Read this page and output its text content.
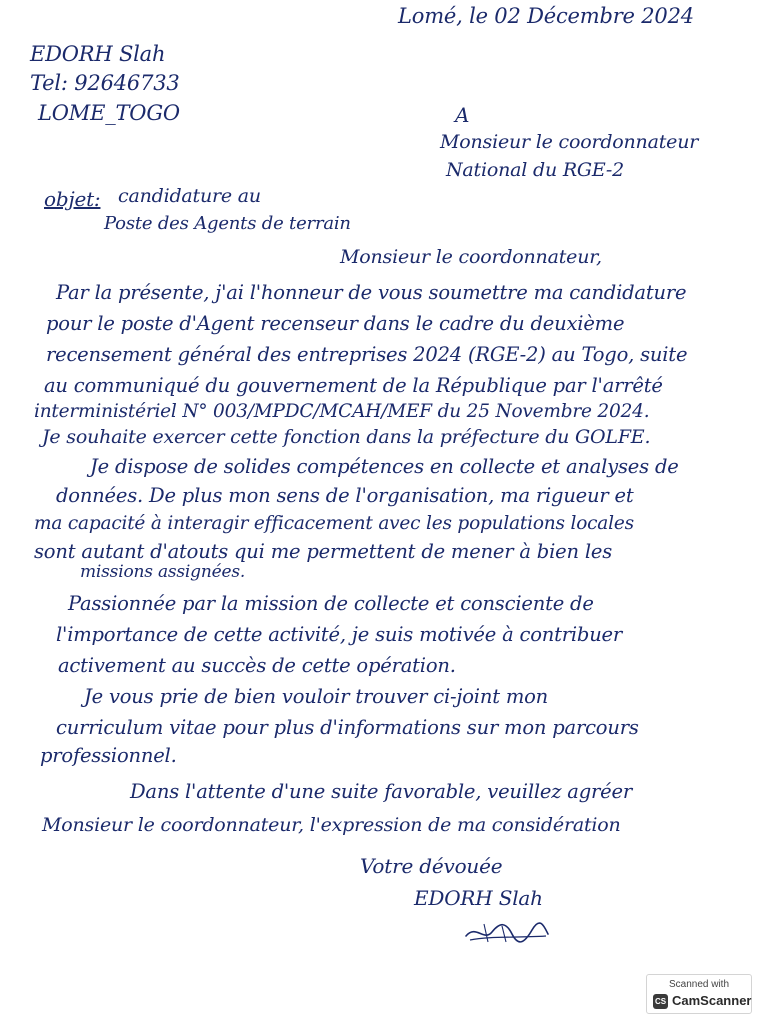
Lomé, le 02 Décembre 2024
EDORH Slah
Tel: 92646733
LOME_TOGO	A
Monsieur le coordonnateur
National du RGE-2
objet: candidature au
Poste des Agents de terrain
Monsieur le coordonnateur,
Par la présente, j'ai l'honneur de vous soumettre ma candidature
pour le poste d'Agent recenseur dans le cadre du deuxième
recensement général des entreprises 2024 (RGE-2) au Togo, suite
au communiqué du gouvernement de la République par l'arrêté
interministériel N° 003/MPDC/MCAH/MEF du 25 Novembre 2024.
Je souhaite exercer cette fonction dans la préfecture du GOLFE.
Je dispose de solides compétences en collecte et analyses de
données. De plus mon sens de l'organisation, ma rigueur et
ma capacité à interagir efficacement avec les populations locales
sont autant d'atouts qui me permettent de mener à bien les
missions assignées.
Passionnée par la mission de collecte et consciente de
l'importance de cette activité, je suis motivée à contribuer
activement au succès de cette opération.
Je vous prie de bien vouloir trouver ci-joint mon
curriculum vitae pour plus d'informations sur mon parcours
professionnel.
Dans l'attente d'une suite favorable, veuillez agréer
Monsieur le coordonnateur, l'expression de ma considération
Votre dévouée
EDORH Slah
Scanned with
CS CamScanner
